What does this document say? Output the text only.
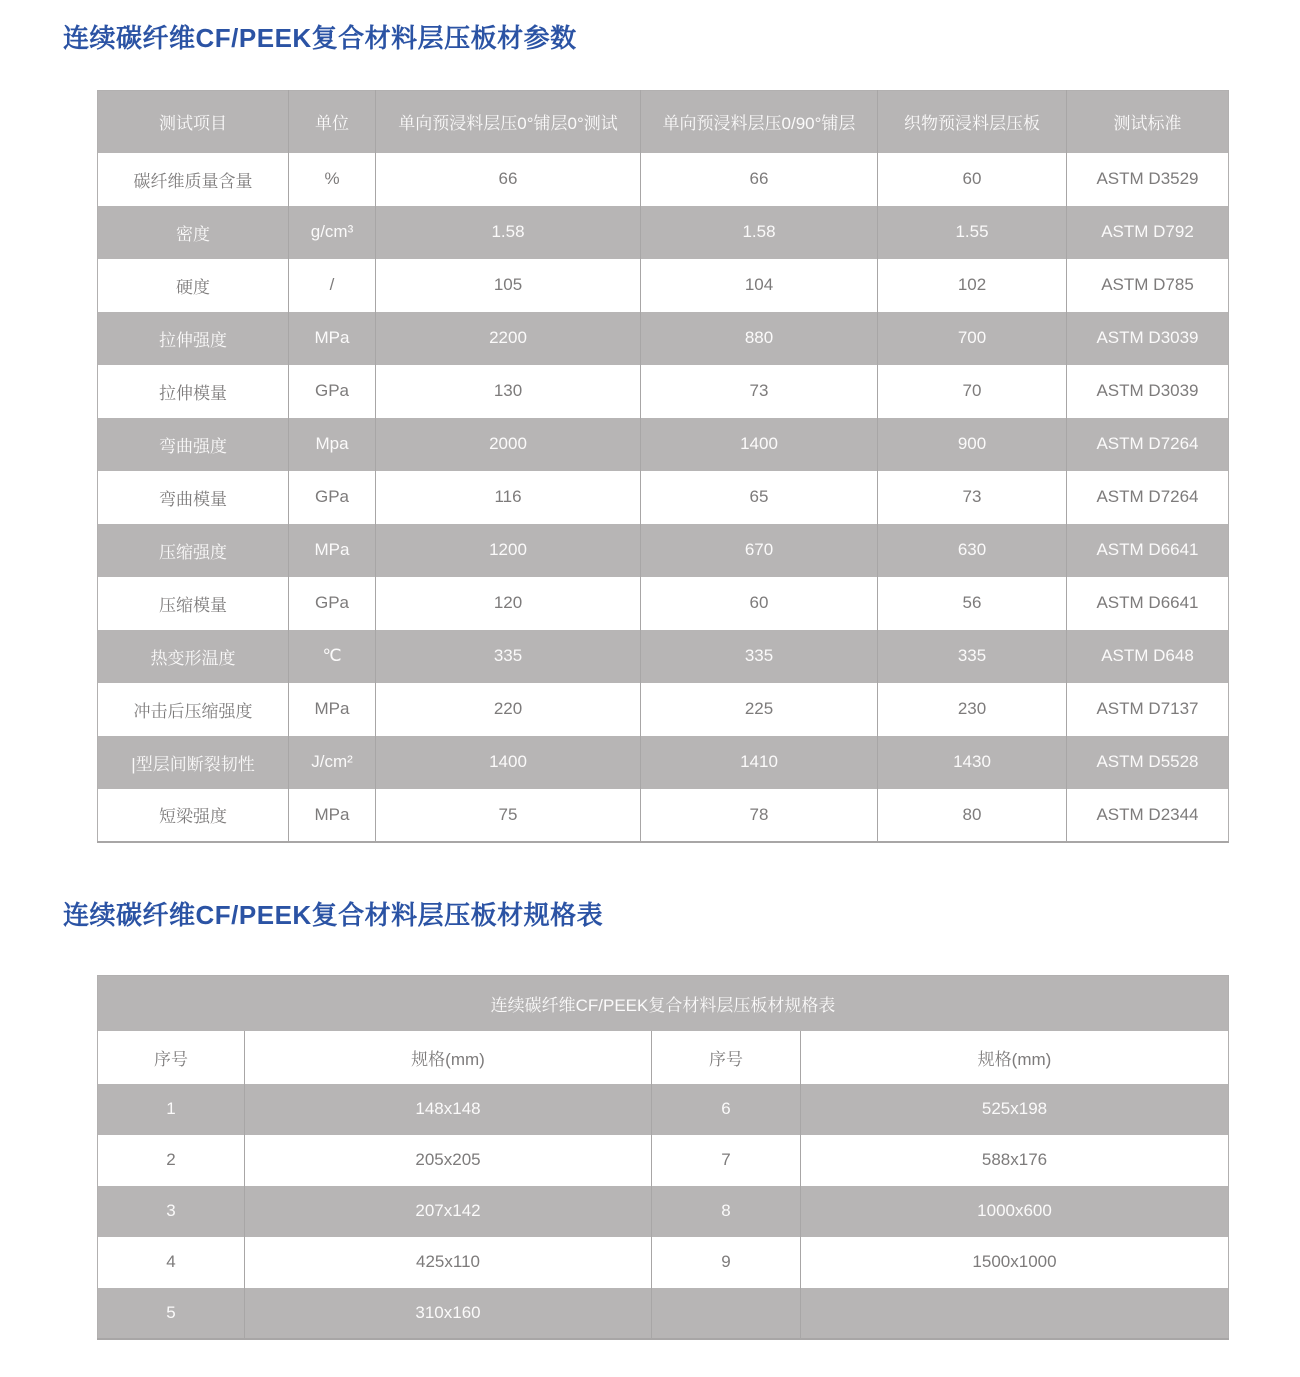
连续碳纤维CF/PEEK复合材料层压板材参数
测试项目	单位	单向预浸料层压0°铺层0°测试	单向预浸料层压0/90°铺层	织物预浸料层压板	测试标准
碳纤维质量含量	%	66	66	60	ASTM D3529
密度	g/cm³	1.58	1.58	1.55	ASTM D792
硬度	/	105	104	102	ASTM D785
拉伸强度	MPa	2200	880	700	ASTM D3039
拉伸模量	GPa	130	73	70	ASTM D3039
弯曲强度	Mpa	2000	1400	900	ASTM D7264
弯曲模量	GPa	116	65	73	ASTM D7264
压缩强度	MPa	1200	670	630	ASTM D6641
压缩模量	GPa	120	60	56	ASTM D6641
热变形温度	℃	335	335	335	ASTM D648
冲击后压缩强度	MPa	220	225	230	ASTM D7137
|型层间断裂韧性	J/cm²	1400	1410	1430	ASTM D5528
短梁强度	MPa	75	78	80	ASTM D2344
连续碳纤维CF/PEEK复合材料层压板材规格表
连续碳纤维CF/PEEK复合材料层压板材规格表			
序号	规格(mm)	序号	规格(mm)
1	148x148	6	525x198
2	205x205	7	588x176
3	207x142	8	1000x600
4	425x110	9	1500x1000
5	310x160		
